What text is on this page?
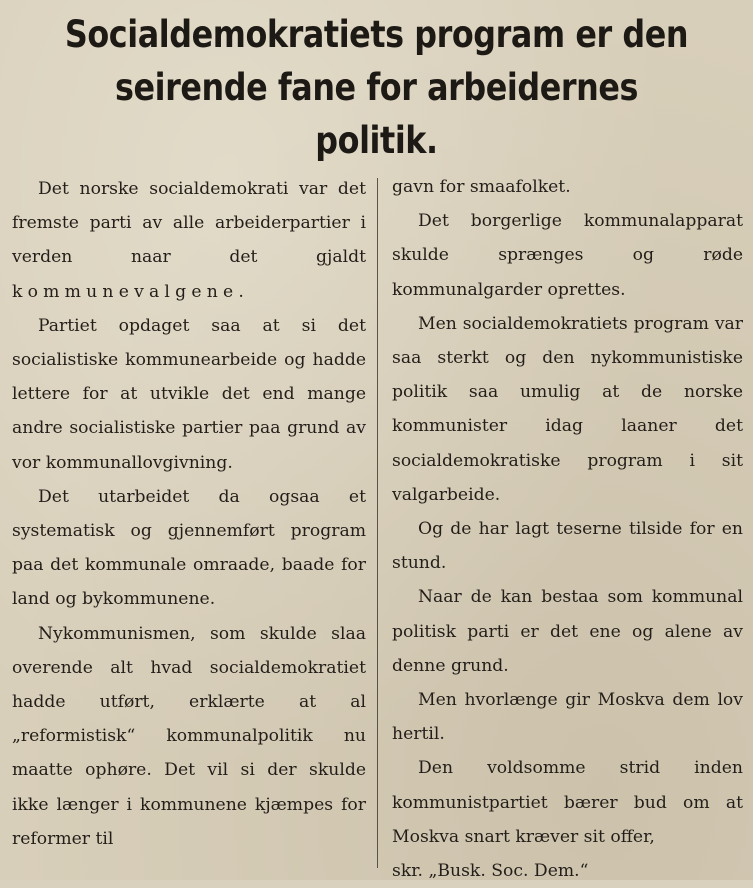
Socialdemokratiets program er den
seirende fane for arbeidernes
politik.

Det norske socialdemokrati var det fremste parti av alle arbeiderpartier i verden naar det gjaldt kommunevalgene.

Partiet opdaget saa at si det socialistiske kommunearbeide og hadde lettere for at utvikle det end mange andre socialistiske partier paa grund av vor kommunallovgivning.

Det utarbeidet da ogsaa et systematisk og gjennemført program paa det kommunale omraade, baade for land og bykommunene.

Nykommunismen, som skulde slaa overende alt hvad socialdemokratiet hadde utført, erklærte at al „reformistisk“ kommunalpolitik nu maatte ophøre. Det vil si der skulde ikke længer i kommunene kjæmpes for reformer til

gavn for smaafolket.

Det borgerlige kommunalapparat skulde sprænges og røde kommunalgarder oprettes.

Men socialdemokratiets program var saa sterkt og den nykommunistiske politik saa umulig at de norske kommunister idag laaner det socialdemokratiske program i sit valgarbeide.

Og de har lagt teserne tilside for en stund.

Naar de kan bestaa som kommunal politisk parti er det ene og alene av denne grund.

Men hvorlænge gir Moskva dem lov hertil.

Den voldsomme strid inden kommunistpartiet bærer bud om at Moskva snart kræver sit offer,

skr. „Busk. Soc. Dem.“
